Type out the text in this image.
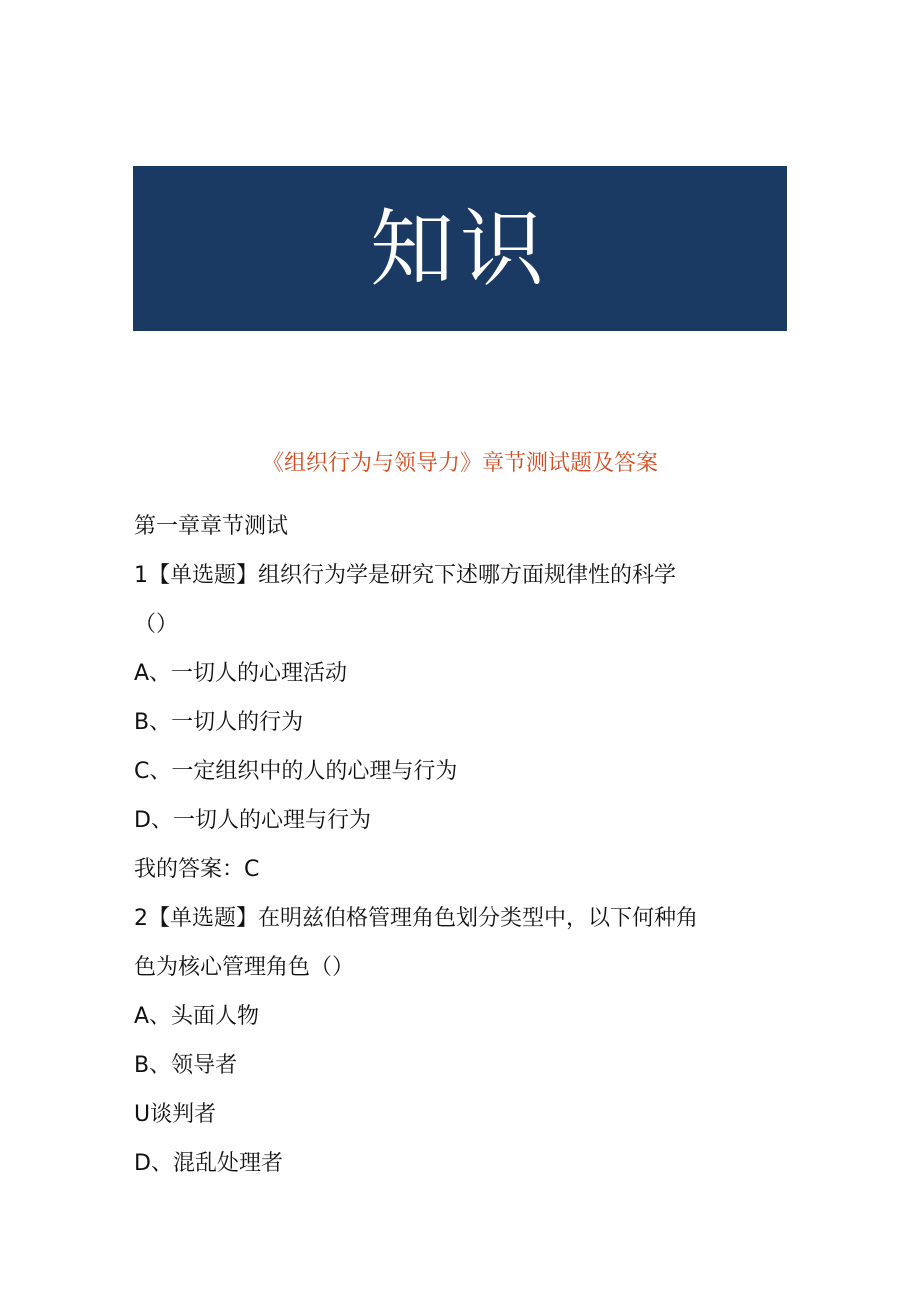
知识
《组织行为与领导力》章节测试题及答案

第一章章节测试

1【单选题】组织行为学是研究下述哪方面规律性的科学

（）

A、一切人的心理活动

B、一切人的行为

C、一定组织中的人的心理与行为

D、一切人的心理与行为

我的答案：C

2【单选题】在明兹伯格管理角色划分类型中，以下何种角

色为核心管理角色（）

A、头面人物

B、领导者

U谈判者

D、混乱处理者
